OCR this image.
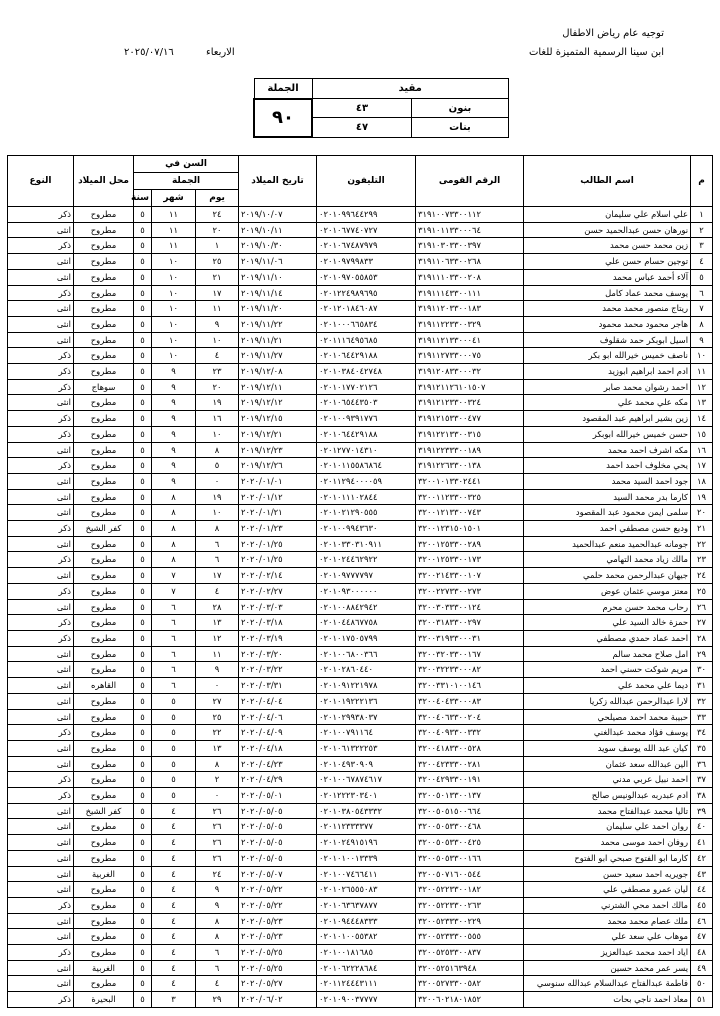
توجيه عام رياض الاطفال
ابن سينا الرسمية المتميزة للغات
الاربعاء
٢٠٢٥/٠٧/١٦
مقيد		الجملة
بنون	٤٣	٩٠
بنات	٤٧	
م	اسم الطالب	الرقم القومى	التليفون	تاريخ الميلاد	السن في			محل الميلاد	النوع
					الجملة				
					يوم	شهر	سنة		
١	علي اسلام علي سليمان	٣١٩١٠٠٧٣٣٠٠١١٢	٠٢٠١٠٩٩٦٤٤٢٩٩	٢٠١٩/١٠/٠٧	٢٤	١١	٥	مطروح	ذكر
٢	نورهان حسن عبدالحميد حسن	٣١٩١٠١١٣٣٠٠٠٦٤	٠٢٠١٠٦٧٧٤٠٧٢٧	٢٠١٩/١٠/١١	٢٠	١١	٥	مطروح	انثى
٣	زين محمد حسن محمد	٣١٩١٠٣٠٣٣٠٠٣٩٧	٠٢٠١٠٦٧٤٨٧٩٧٩	٢٠١٩/١٠/٣٠	١	١١	٥	مطروح	ذكر
٤	توجين حسام حسن علي	٣١٩١١٠٦٣٣٠٠٢٦٨	٠٢٠١٠٩٧٩٩٨٣٣	٢٠١٩/١١/٠٦	٢٥	١٠	٥	مطروح	انثى
٥	آلاء أحمد عباس محمد	٣١٩١١١٠٣٣٠٠٢٠٨	٠٢٠١٠٩٧٠٥٥٨٥٣	٢٠١٩/١١/١٠	٢١	١٠	٥	مطروح	انثى
٦	يوسف محمد عماد كامل	٣١٩١١١٤٣٣٠٠١١١	٠٢٠١٢٢٤٩٨٩٦٩٥	٢٠١٩/١١/١٤	١٧	١٠	٥	مطروح	ذكر
٧	ريتاج منصور محمد محمد	٣١٩١١٢٠٣٣٠٠١٨٣	٠٢٠١٢٠١٨٤٦٠٨٧	٢٠١٩/١١/٢٠	١١	١٠	٥	مطروح	انثى
٨	هاجر محمود محمد محمود	٣١٩١١٢٢٣٣٠٠٣٢٩	٠٢٠١٠٠٠٦٦٥٨٣٤	٢٠١٩/١١/٢٢	٩	١٠	٥	مطروح	انثى
٩	اسيل ابوبكر حمد شقلوف	٣١٩١١٢١٣٣٠٠٠٤١	٠٢٠١١١٦٤٩٥٦٨٥	٢٠١٩/١١/٢١	١٠	١٠	٥	مطروح	انثى
١٠	ناصف خميس خيرالله ابو بكر	٣١٩١١٢٧٣٣٠٠٠٧٥	٠٢٠١٠٦٤٤٢٩١٨٨	٢٠١٩/١١/٢٧	٤	١٠	٥	مطروح	ذكر
١١	ادم احمد ابراهيم ابوزيد	٣١٩١٢٠٨٣٣٠٠٠٣٢	٠٢٠١٠٣٨٤٠٤٢٧٤٨	٢٠١٩/١٢/٠٨	٢٣	٩	٥	مطروح	ذكر
١٢	احمد رشوان محمد صابر	٣١٩١٢١١٢٦١٠١٥٠٧	٠٢٠١٠١٧٧٠٢١٢٦	٢٠١٩/١٢/١١	٢٠	٩	٥	سوهاج	ذكر
١٣	مكه علي محمد علي	٣١٩١٢١٢٣٣٠٠٣٢٤	٠٢٠١٠٦٥٤٤٣٥٠٣	٢٠١٩/١٢/١٢	١٩	٩	٥	مطروح	انثى
١٤	زين بشير ابراهيم عبد المقصود	٣١٩١٢١٥٣٣٠٠٤٧٧	٠٢٠١٠٠٩٣٩١٧٧٦	٢٠١٩/١٢/١٥	١٦	٩	٥	مطروح	ذكر
١٥	حسن خميس خيرالله ابوبكر	٣١٩١٢٢١٣٣٠٠٣١٥	٠٢٠١٠٦٤٤٢٩١٨٨	٢٠١٩/١٢/٢١	١٠	٩	٥	مطروح	ذكر
١٦	مكه اشرف احمد محمد	٣١٩١٢٢٣٣٣٠٠١٨٩	٠٢٠١٢٧٧٠١٤٣١٠	٢٠١٩/١٢/٢٣	٨	٩	٥	مطروح	انثى
١٧	يحي مخلوف احمد احمد	٣١٩١٢٢٦٣٣٠٠١٣٨	٠٢٠١٠١١٥٥٨٦٨٦٤	٢٠١٩/١٢/٢٦	٥	٩	٥	مطروح	ذكر
١٨	جود احمد السيد محمد	٣٢٠٠١٠١٣٣٠٢٤٤١	٠٢٠١١٢٩٤٠٠٠٠٥٩	٢٠٢٠/٠١/٠١	٠	٩	٥	مطروح	انثى
١٩	كارما بدر محمد السيد	٣٢٠٠١١٢٣٣٠٠٣٢٥	٠٢٠١٠١١١٠٢٨٤٤	٢٠٢٠/٠١/١٢	١٩	٨	٥	مطروح	انثى
٢٠	سلمى ايمن محمود عبد المقصود	٣٢٠٠١٢١٣٣٠٠٧٤٣	٠٢٠١٠٢١٢٩٠٥٥٥	٢٠٢٠/٠١/٢١	١٠	٨	٥	مطروح	انثى
٢١	وديع حسن مصطفي احمد	٣٢٠٠١٢٣١٥٠١٥٠١	٠٢٠١٠٠٩٩٤٣٦٣٠	٢٠٢٠/٠١/٢٣	٨	٨	٥	كفر الشيخ	ذكر
٢٢	جومانه عبدالحميد منعم عبدالحميد	٣٢٠٠١٢٥٣٣٠٠٢٨٩	٠٢٠١٠٣٣٠٣١٠٩١١	٢٠٢٠/٠١/٢٥	٦	٨	٥	مطروح	انثى
٢٣	مالك زياد محمد التهامي	٣٢٠٠١٢٥٣٣٠٠١٧٣	٠٢٠١٠٢٤٤٦٢٩٢٢	٢٠٢٠/٠١/٢٥	٦	٨	٥	مطروح	ذكر
٢٤	جيهان عبدالرحمن محمد حلمي	٣٢٠٠٢١٤٣٣٠٠١٠٧	٠٢٠١٠٩٧٧٧٧٩٧	٢٠٢٠/٠٢/١٤	١٧	٧	٥	مطروح	انثى
٢٥	معتز موسي عثمان عوض	٣٢٠٠٢٢٧٣٣٠٠٢٧٣	٠٢٠١٠٩٣٠٠٠٠٠٠	٢٠٢٠/٠٢/٢٧	٤	٧	٥	مطروح	ذكر
٢٦	رحاب محمد حسن محرم	٣٢٠٠٣٠٣٣٣٠٠١٢٤	٠٢٠١٠٠٨٨٤٢٩٤٢	٢٠٢٠/٠٣/٠٣	٢٨	٦	٥	مطروح	انثى
٢٧	حمزة خالد السيد علي	٣٢٠٠٣١٨٣٣٠٠٢٩٧	٠٢٠١٠٤٤٨٦٧٧٥٨	٢٠٢٠/٠٣/١٨	١٣	٦	٥	مطروح	ذكر
٢٨	احمد عماد حمدي مصطفي	٣٢٠٠٣١٩٣٣٠٠٠٣١	٠٢٠١٠١٧٥٠٥٧٩٩	٢٠٢٠/٠٣/١٩	١٢	٦	٥	مطروح	ذكر
٢٩	امل صلاح محمد سالم	٣٢٠٠٣٢٠٣٣٠٠١٦٧	٠٢٠١٠٠٦٨٠٠٣٦٦	٢٠٢٠/٠٣/٢٠	١١	٦	٥	مطروح	انثى
٣٠	مريم شوكت حسني احمد	٣٢٠٠٣٢٢٣٣٠٠٠٨٢	٠٢٠١٠٢٨٦٠٤٤٠	٢٠٢٠/٠٣/٢٢	٩	٦	٥	مطروح	انثى
٣١	ديما علي محمد علي	٣٢٠٠٣٣١٠١٠٠١٤٦	٠٢٠١٠٩١٢٢١٩٧٨	٢٠٢٠/٠٣/٣١	٠	٦	٥	القاهره	انثى
٣٢	لارا عبدالرحمن عبدالله زكريا	٣٢٠٠٤٠٤٣٣٠٠٠٨٣	٠٢٠١٠١٩٢٢٢١٣٦	٢٠٢٠/٠٤/٠٤	٢٧	٥	٥	مطروح	انثى
٣٣	حبيبة محمد احمد مصيلحي	٣٢٠٠٤٠٦٣٣٠٠٢٠٤	٠٢٠١٠٢٩٩٣٨٠٣٧	٢٠٢٠/٠٤/٠٦	٢٥	٥	٥	مطروح	انثى
٣٤	يوسف فؤاد محمد عبدالغني	٣٢٠٠٤٠٩٣٣٠٠٣٣٢	٠٢٠١٠٠٧٩١١٦٤	٢٠٢٠/٠٤/٠٩	٢٢	٥	٥	مطروح	ذكر
٣٥	كيان عبد الله يوسف سويد	٣٢٠٠٤١٨٣٣٠٠٥٢٨	٠٢٠١٠٦١٣٢٢٢٥٣	٢٠٢٠/٠٤/١٨	١٣	٥	٥	مطروح	انثى
٣٦	الين عبدالله سعد عثمان	٣٢٠٠٤٢٣٣٣٠٠٢٨١	٠٢٠١٠٤٩٣٠٩٠٩	٢٠٢٠/٠٤/٢٣	٨	٥	٥	مطروح	انثى
٣٧	احمد نبيل عربي مدني	٣٢٠٠٤٢٩٣٣٠٠١٩١	٠٢٠١٠٠٦٧٨٧٤٦١٧	٢٠٢٠/٠٤/٢٩	٢	٥	٥	مطروح	ذكر
٣٨	ادم عبدربه عبدالونيس صالح	٣٢٠٠٥٠١٣٣٠٠١٣٧	٠٢٠١٢٢٢٣٠٣٤٠١	٢٠٢٠/٠٥/٠١	٠	٥	٥	مطروح	ذكر
٣٩	تاليا محمد عبدالفتاح محمد	٣٢٠٠٥٠٥١٥٠٠٦٦٤	٠٢٠١٠٣٨٠٥٤٣٣٣٢	٢٠٢٠/٠٥/٠٥	٢٦	٤	٥	كفر الشيخ	انثى
٤٠	روان احمد علي سليمان	٣٢٠٠٥٠٥٣٣٠٠٤٦٨	٠٢٠١١٢٣٣٣٣٧٧	٢٠٢٠/٠٥/٠٥	٢٦	٤	٥	مطروح	انثى
٤١	روفان احمد موسى محمد	٣٢٠٠٥٠٥٣٣٠٠٤٢٥	٠٢٠١٠٢٤٩١٥١٩٦	٢٠٢٠/٠٥/٠٥	٢٦	٤	٥	مطروح	انثى
٤٢	كارما ابو الفتوح صبحي ابو الفتوح	٣٢٠٠٥٠٥٣٣٠٠١٦٦	٠٢٠١٠١٠٠١٣٣٣٩	٢٠٢٠/٠٥/٠٥	٢٦	٤	٥	مطروح	انثى
٤٣	جويريه احمد سعيد حسن	٣٢٠٠٥٠٧١٦٠٠٥٤٤	٠٢٠١٠٠٧٤٦٦٤١١	٢٠٢٠/٠٥/٠٧	٢٤	٤	٥	الغربية	انثى
٤٤	ليان عمرو مصطفي علي	٣٢٠٠٥٢٢٣٣٠٠١٨٢	٠٢٠١٠٢٦٥٥٥٠٨٣	٢٠٢٠/٠٥/٢٢	٩	٤	٥	مطروح	انثى
٤٥	مالك احمد محي الشترني	٣٢٠٠٥٢٢٣٣٠٠٢٦٣	٠٢٠١٠٦٣٦٣٧٨٧٧	٢٠٢٠/٠٥/٢٢	٩	٤	٥	مطروح	ذكر
٤٦	ملك عصام محمد محمد	٣٢٠٠٥٢٣٣٣٠٠٢٢٩	٠٢٠١٠٩٤٤٤٨٣٣٣	٢٠٢٠/٠٥/٢٣	٨	٤	٥	مطروح	انثى
٤٧	موهاب علي سعد علي	٣٢٠٠٥٢٣٣٣٠٠٥٥٥	٠٢٠١٠١٠٠٥٥٣٨٢	٢٠٢٠/٠٥/٢٣	٨	٤	٥	مطروح	انثى
٤٨	اياد احمد محمد عبدالعزيز	٣٢٠٠٥٢٥٣٣٠٠٨٣٧	٠٢٠١٠٠١٨١٦٨٥	٢٠٢٠/٠٥/٢٥	٦	٤	٥	مطروح	ذكر
٤٩	يسر عمر محمد حسين	٣٢٠٠٥٢٥١٦٣٩٤٨	٠٢٠١٠٦٢٢٢٨٦٨٤	٢٠٢٠/٠٥/٢٥	٦	٤	٥	الغربية	انثى
٥٠	فاطمة عبدالفتاح عبدالسلام عبدالله سنوسي	٣٢٠٠٥٢٧٣٣٠٠٥٨٢	٠٢٠١١٢٤٤٤٣١١١	٢٠٢٠/٠٥/٢٧	٤	٤	٥	مطروح	انثى
٥١	معاذ احمد ناجي بحات	٣٢٠٠٦٠٢١٨٠١٨٥٢	٠٢٠١٠٩٠٠٣٧٧٧٧	٢٠٢٠/٠٦/٠٢	٢٩	٣	٥	البحيرة	ذكر
